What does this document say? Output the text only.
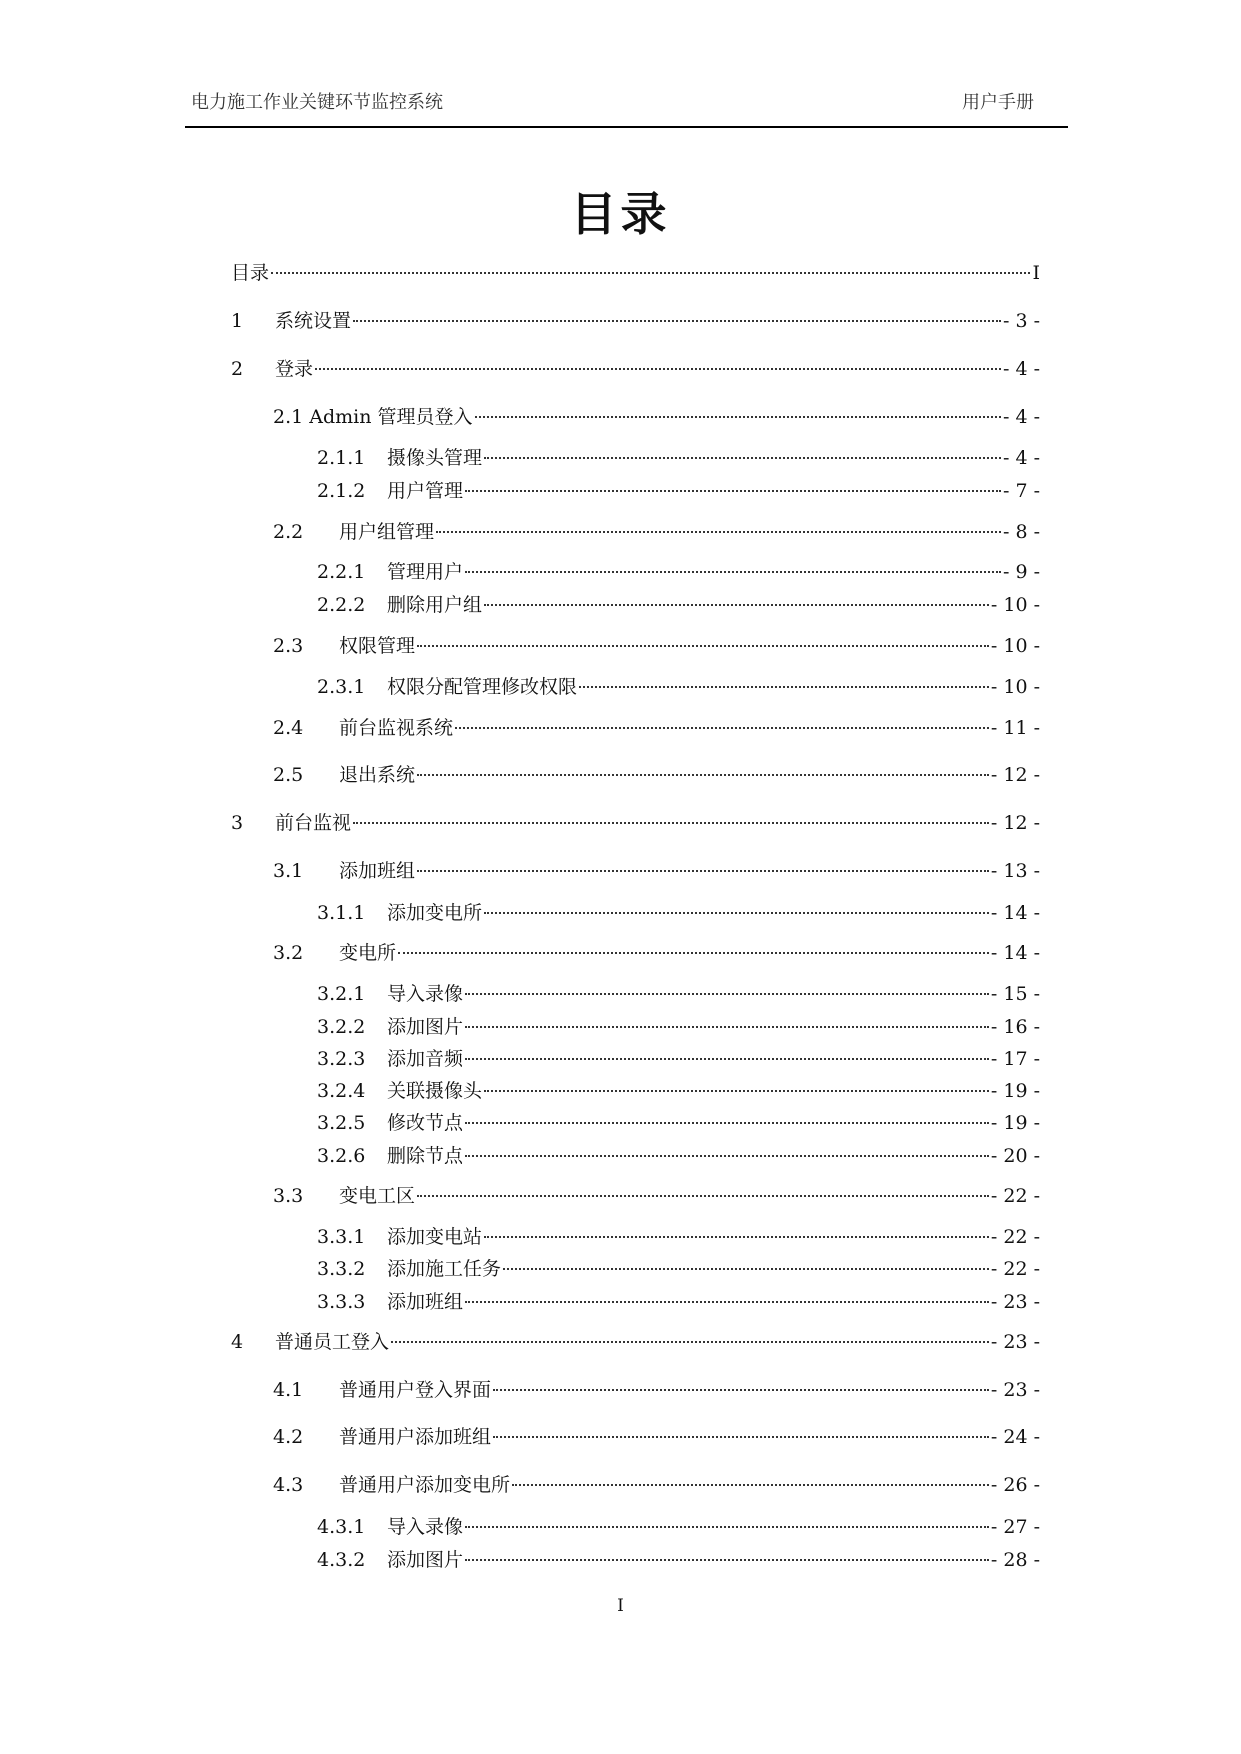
电力施工作业关键环节监控系统	用户手册
目录
目录	I
1	系统设置	- 3 -
2	登录	- 4 -
2.1 Admin 管理员登入	- 4 -
2.1.1	摄像头管理	- 4 -
2.1.2	用户管理	- 7 -
2.2	用户组管理	- 8 -
2.2.1	管理用户	- 9 -
2.2.2	删除用户组	- 10 -
2.3	权限管理	- 10 -
2.3.1	权限分配管理修改权限	- 10 -
2.4	前台监视系统	- 11 -
2.5	退出系统	- 12 -
3	前台监视	- 12 -
3.1	添加班组	- 13 -
3.1.1	添加变电所	- 14 -
3.2	变电所	- 14 -
3.2.1	导入录像	- 15 -
3.2.2	添加图片	- 16 -
3.2.3	添加音频	- 17 -
3.2.4	关联摄像头	- 19 -
3.2.5	修改节点	- 19 -
3.2.6	删除节点	- 20 -
3.3	变电工区	- 22 -
3.3.1	添加变电站	- 22 -
3.3.2	添加施工任务	- 22 -
3.3.3	添加班组	- 23 -
4	普通员工登入	- 23 -
4.1	普通用户登入界面	- 23 -
4.2	普通用户添加班组	- 24 -
4.3	普通用户添加变电所	- 26 -
4.3.1	导入录像	- 27 -
4.3.2	添加图片	- 28 -
I
